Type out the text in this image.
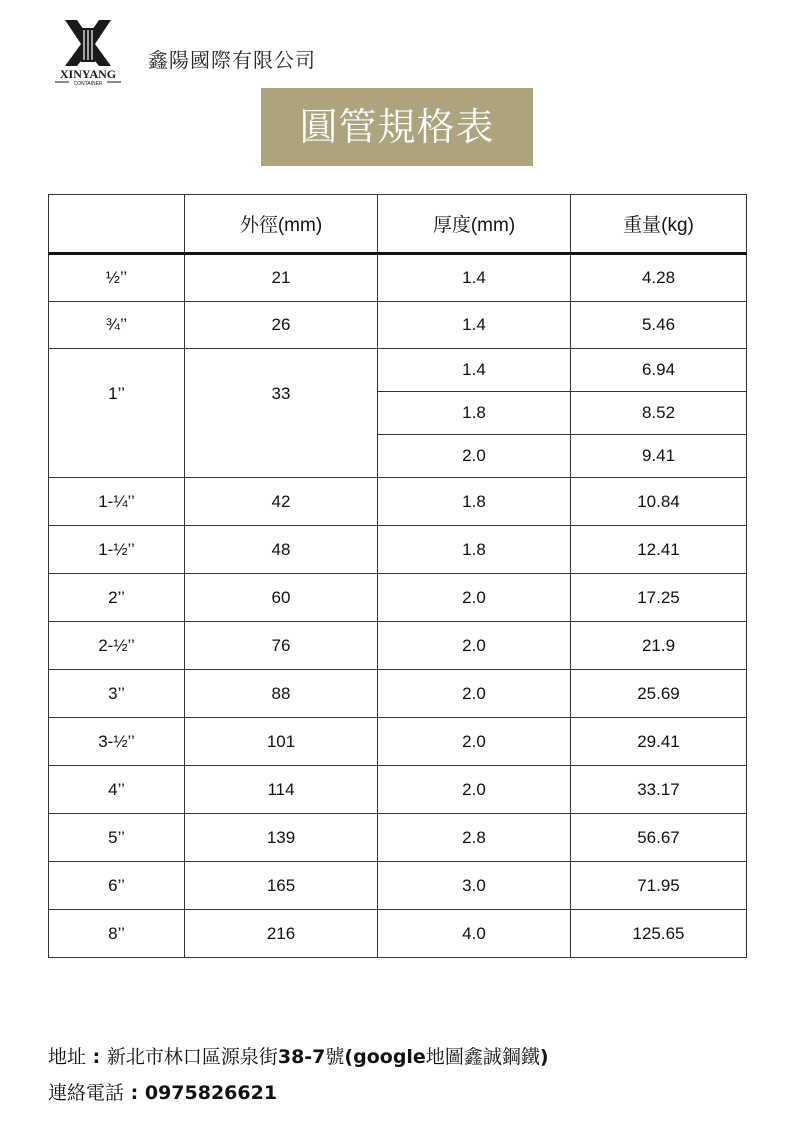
XINYANG
CONTAINER
鑫陽國際有限公司
圓管規格表
	外徑(mm)	厚度(mm)	重量(kg)
½’’	21	1.4	4.28
¾’’	26	1.4	5.46
1’’	33	1.4	6.94
		1.8	8.52
		2.0	9.41
1-¼’’	42	1.8	10.84
1-½’’	48	1.8	12.41
2’’	60	2.0	17.25
2-½’’	76	2.0	21.9
3’’	88	2.0	25.69
3-½’’	101	2.0	29.41
4’’	114	2.0	33.17
5’’	139	2.8	56.67
6’’	165	3.0	71.95
8’’	216	4.0	125.65
地址 : 新北市林口區源泉街38-7號(google地圖鑫誠鋼鐵)
連絡電話 : 0975826621
